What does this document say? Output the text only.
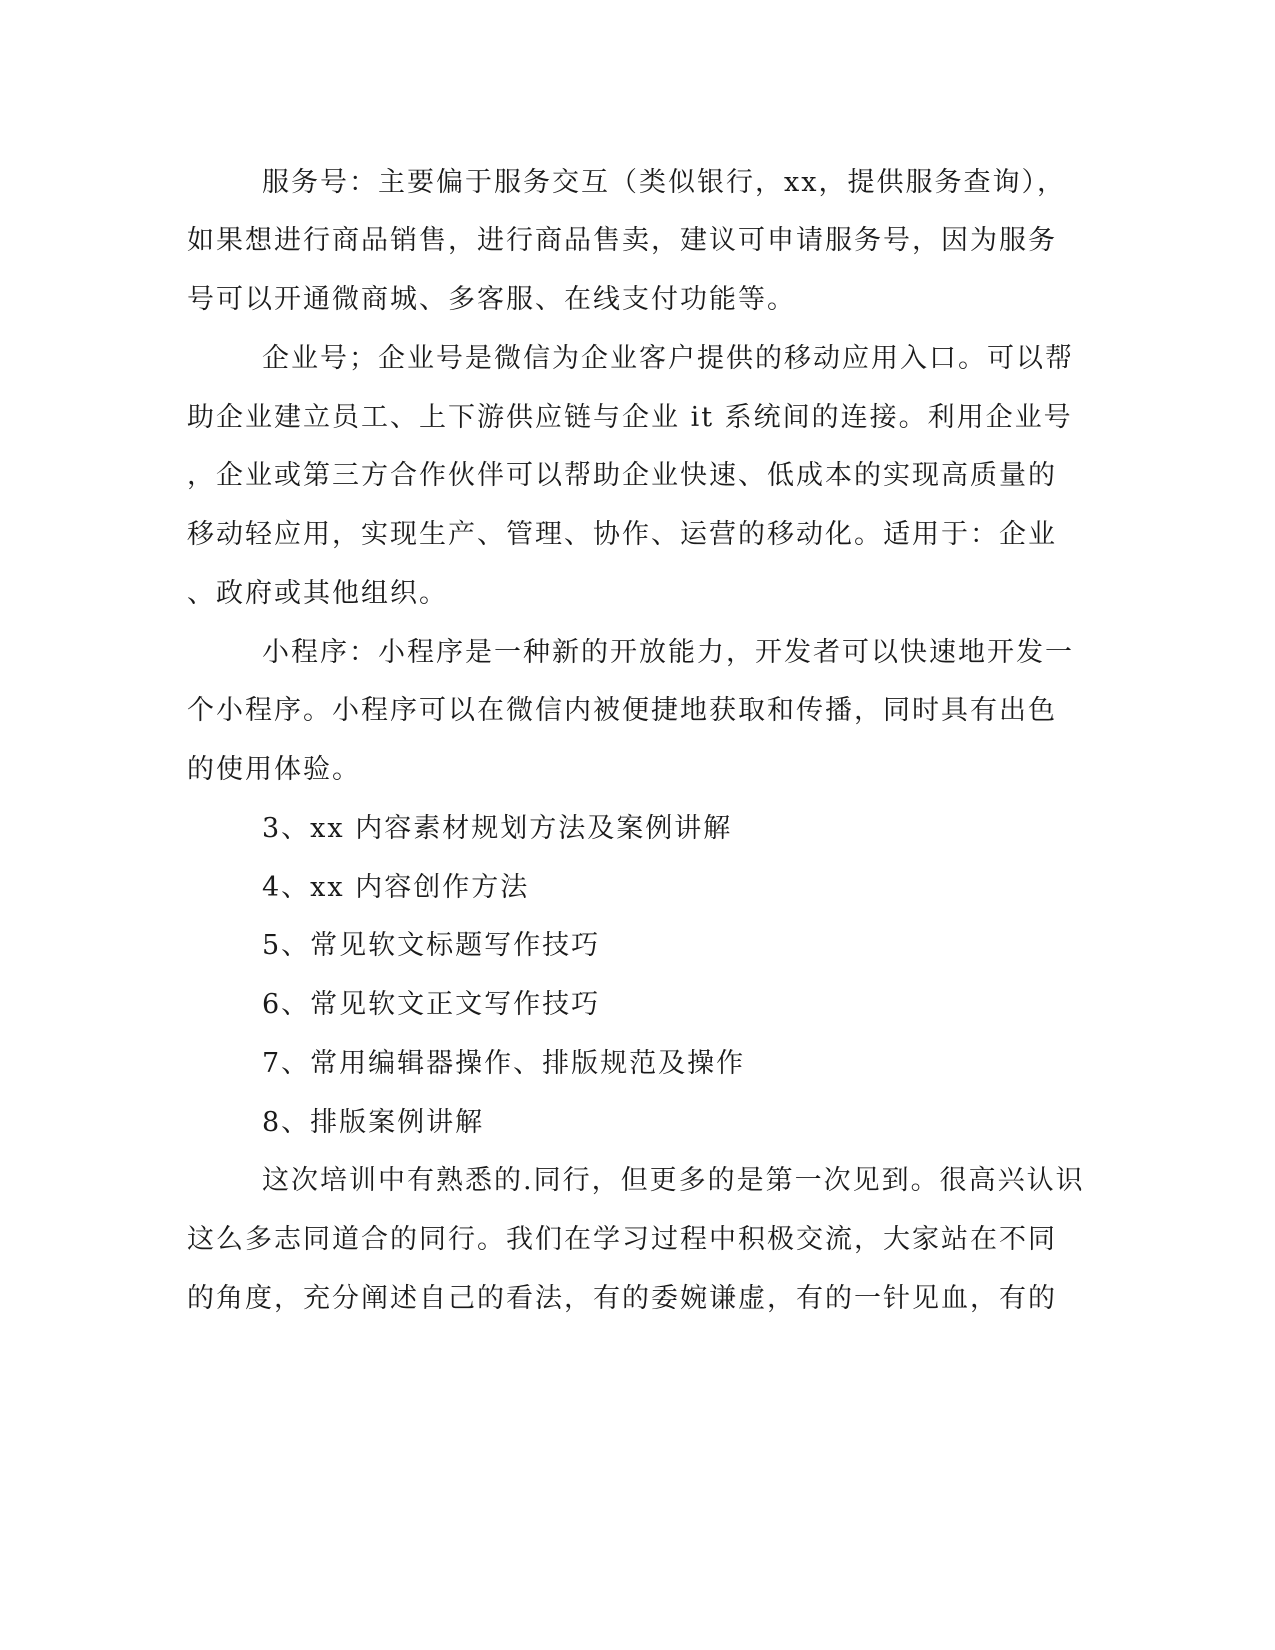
服务号：主要偏于服务交互（类似银行，xx，提供服务查询），

如果想进行商品销售，进行商品售卖，建议可申请服务号，因为服务

号可以开通微商城、多客服、在线支付功能等。

企业号；企业号是微信为企业客户提供的移动应用入口。可以帮

助企业建立员工、上下游供应链与企业 it 系统间的连接。利用企业号

，企业或第三方合作伙伴可以帮助企业快速、低成本的实现高质量的

移动轻应用，实现生产、管理、协作、运营的移动化。适用于：企业

、政府或其他组织。

小程序：小程序是一种新的开放能力，开发者可以快速地开发一

个小程序。小程序可以在微信内被便捷地获取和传播，同时具有出色

的使用体验。

3、xx 内容素材规划方法及案例讲解

4、xx 内容创作方法

5、常见软文标题写作技巧

6、常见软文正文写作技巧

7、常用编辑器操作、排版规范及操作

8、排版案例讲解

这次培训中有熟悉的.同行，但更多的是第一次见到。很高兴认识

这么多志同道合的同行。我们在学习过程中积极交流，大家站在不同

的角度，充分阐述自己的看法，有的委婉谦虚，有的一针见血，有的
